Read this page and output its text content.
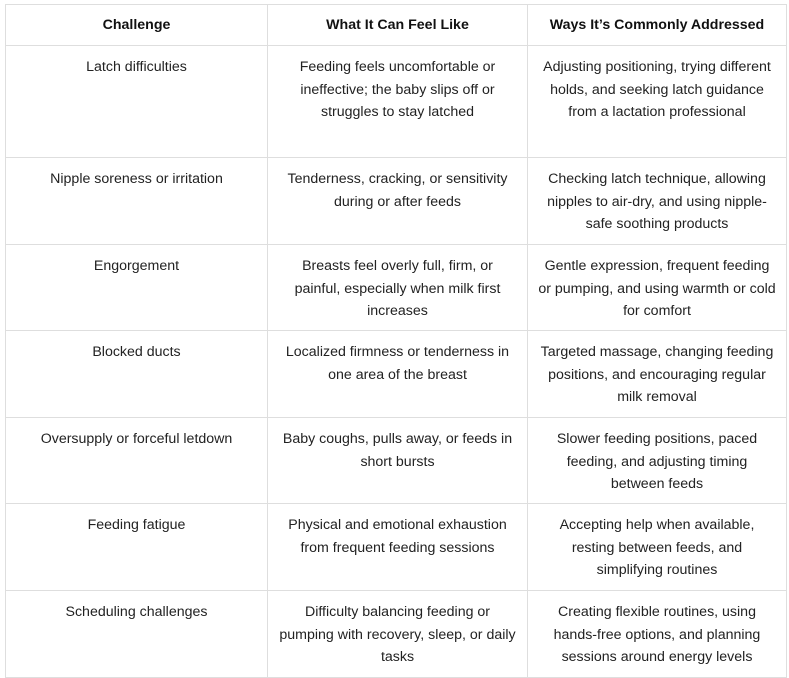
Challenge	What It Can Feel Like	Ways It’s Commonly Addressed

Latch difficulties	Feeding feels uncomfortable or ineffective; the baby slips off or struggles to stay latched	Adjusting positioning, trying different holds, and seeking latch guidance from a lactation professional

Nipple soreness or irritation	Tenderness, cracking, or sensitivity during or after feeds	Checking latch technique, allowing nipples to air-dry, and using nipple-safe soothing products

Engorgement	Breasts feel overly full, firm, or painful, especially when milk first increases	Gentle expression, frequent feeding or pumping, and using warmth or cold for comfort

Blocked ducts	Localized firmness or tenderness in one area of the breast	Targeted massage, changing feeding positions, and encouraging regular milk removal

Oversupply or forceful letdown	Baby coughs, pulls away, or feeds in short bursts	Slower feeding positions, paced feeding, and adjusting timing between feeds

Feeding fatigue	Physical and emotional exhaustion from frequent feeding sessions	Accepting help when available, resting between feeds, and simplifying routines

Scheduling challenges	Difficulty balancing feeding or pumping with recovery, sleep, or daily tasks	Creating flexible routines, using hands-free options, and planning sessions around energy levels
